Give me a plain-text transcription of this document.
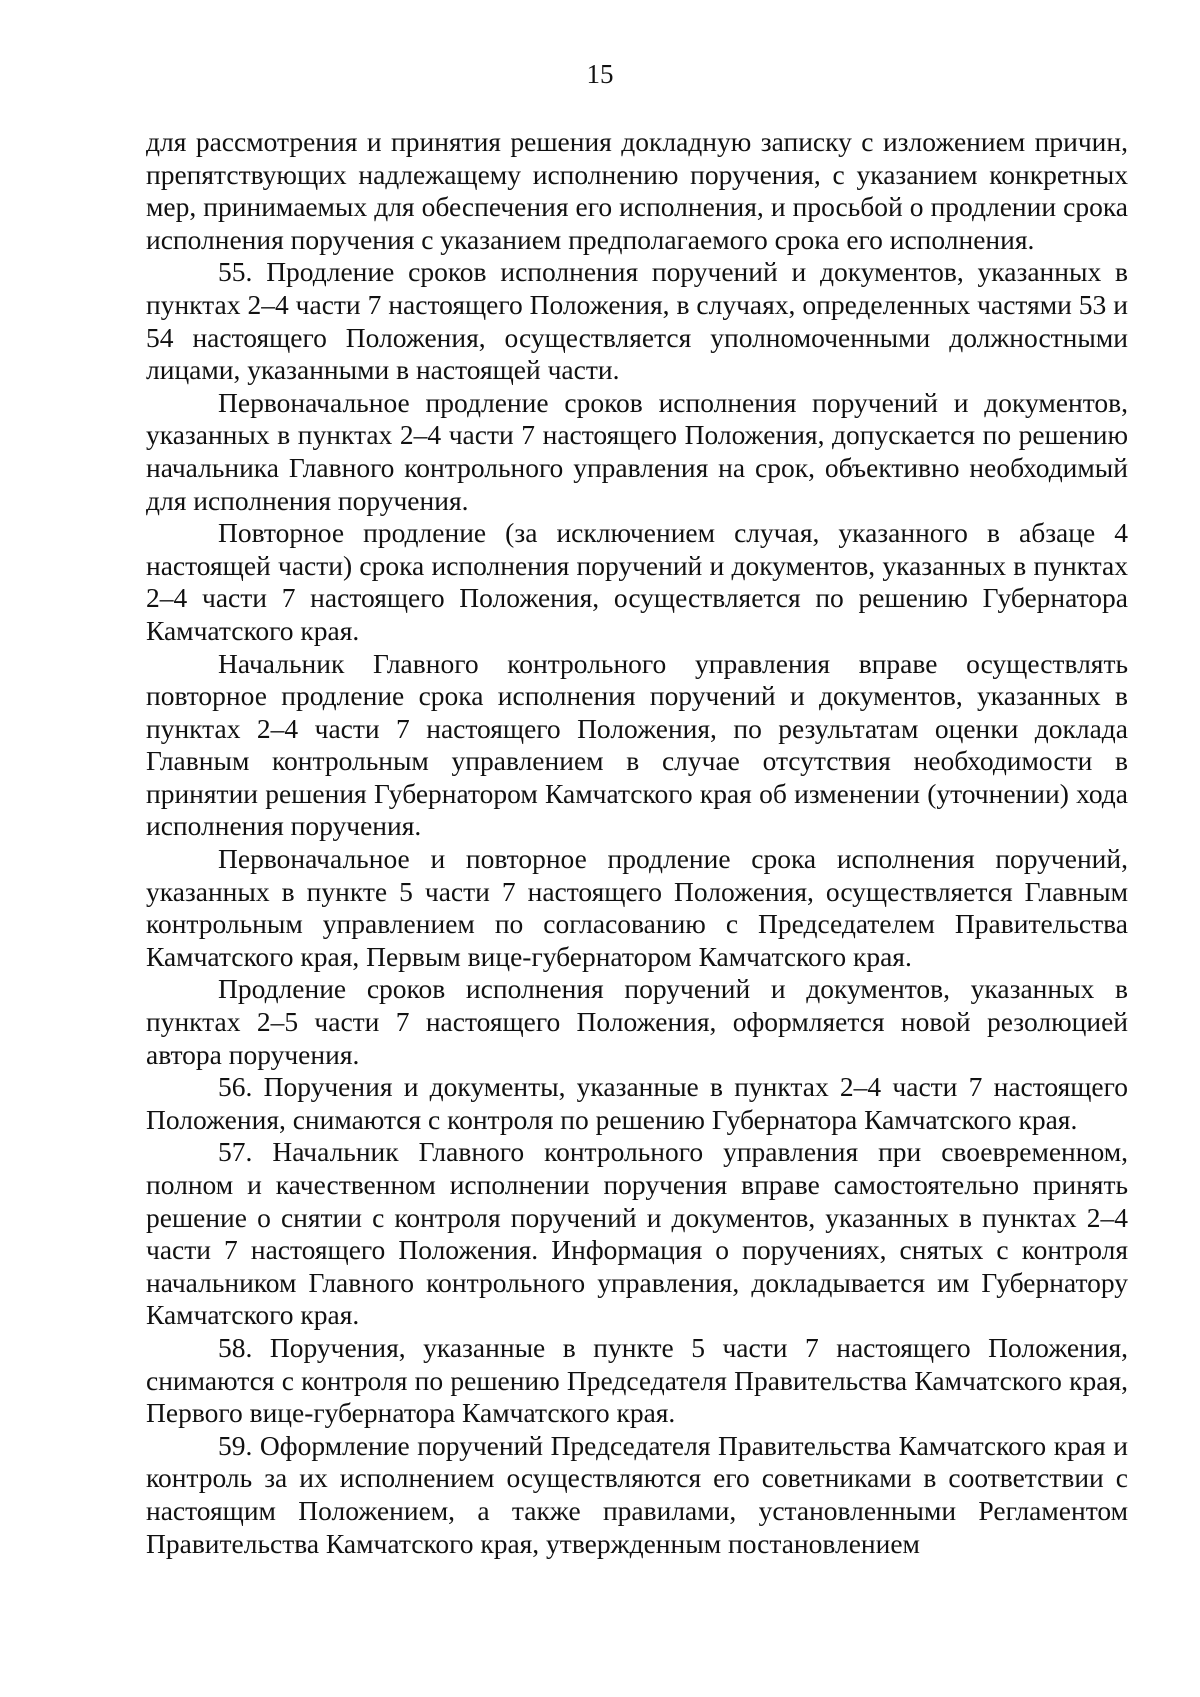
15

для рассмотрения и принятия решения докладную записку с изложением причин, препятствующих надлежащему исполнению поручения, с указанием конкретных мер, принимаемых для обеспечения его исполнения, и просьбой о продлении срока исполнения поручения с указанием предполагаемого срока его исполнения.

55. Продление сроков исполнения поручений и документов, указанных в пунктах 2–4 части 7 настоящего Положения, в случаях, определенных частями 53 и 54 настоящего Положения, осуществляется уполномоченными должностными лицами, указанными в настоящей части.

Первоначальное продление сроков исполнения поручений и документов, указанных в пунктах 2–4 части 7 настоящего Положения, допускается по решению начальника Главного контрольного управления на срок, объективно необходимый для исполнения поручения.

Повторное продление (за исключением случая, указанного в абзаце 4 настоящей части) срока исполнения поручений и документов, указанных в пунктах 2–4 части 7 настоящего Положения, осуществляется по решению Губернатора Камчатского края.

Начальник Главного контрольного управления вправе осуществлять повторное продление срока исполнения поручений и документов, указанных в пунктах 2–4 части 7 настоящего Положения, по результатам оценки доклада Главным контрольным управлением в случае отсутствия необходимости в принятии решения Губернатором Камчатского края об изменении (уточнении) хода исполнения поручения.

Первоначальное и повторное продление срока исполнения поручений, указанных в пункте 5 части 7 настоящего Положения, осуществляется Главным контрольным управлением по согласованию с Председателем Правительства Камчатского края, Первым вице-губернатором Камчатского края.

Продление сроков исполнения поручений и документов, указанных в пунктах 2–5 части 7 настоящего Положения, оформляется новой резолюцией автора поручения.

56. Поручения и документы, указанные в пунктах 2–4 части 7 настоящего Положения, снимаются с контроля по решению Губернатора Камчатского края.

57. Начальник Главного контрольного управления при своевременном, полном и качественном исполнении поручения вправе самостоятельно принять решение о снятии с контроля поручений и документов, указанных в пунктах 2–4 части 7 настоящего Положения. Информация о поручениях, снятых с контроля начальником Главного контрольного управления, докладывается им Губернатору Камчатского края.

58. Поручения, указанные в пункте 5 части 7 настоящего Положения, снимаются с контроля по решению Председателя Правительства Камчатского края, Первого вице-губернатора Камчатского края.

59. Оформление поручений Председателя Правительства Камчатского края и контроль за их исполнением осуществляются его советниками в соответствии с настоящим Положением, а также правилами, установленными Регламентом Правительства Камчатского края, утвержденным постановлением
